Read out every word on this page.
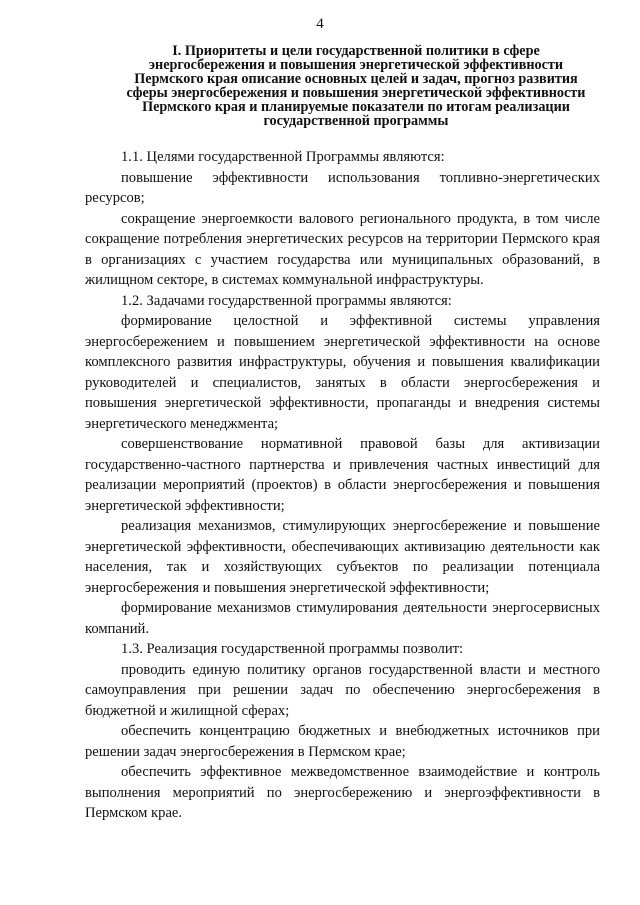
4
I. Приоритеты и цели государственной политики в сфере
энергосбережения и повышения энергетической эффективности
Пермского края описание основных целей и задач, прогноз развития
сферы энергосбережения и повышения энергетической эффективности
Пермского края и планируемые показатели по итогам реализации
государственной программы

1.1. Целями государственной Программы являются:

повышение эффективности использования топливно-энергетических ресурсов;

сокращение энергоемкости валового регионального продукта, в том числе сокращение потребления энергетических ресурсов на территории Пермского края в организациях с участием государства или муниципальных образований, в жилищном секторе, в системах коммунальной инфраструктуры.

1.2. Задачами государственной программы являются:

формирование целостной и эффективной системы управления энергосбережением и повышением энергетической эффективности на основе комплексного развития инфраструктуры, обучения и повышения квалификации руководителей и специалистов, занятых в области энергосбережения и повышения энергетической эффективности, пропаганды и внедрения системы энергетического менеджмента;

совершенствование нормативной правовой базы для активизации государственно-частного партнерства и привлечения частных инвестиций для реализации мероприятий (проектов) в области энергосбережения и повышения энергетической эффективности;

реализация механизмов, стимулирующих энергосбережение и повышение энергетической эффективности, обеспечивающих активизацию деятельности как населения, так и хозяйствующих субъектов по реализации потенциала энергосбережения и повышения энергетической эффективности;

формирование механизмов стимулирования деятельности энергосервисных компаний.

1.3. Реализация государственной программы позволит:

проводить единую политику органов государственной власти и местного самоуправления при решении задач по обеспечению энергосбережения в бюджетной и жилищной сферах;

обеспечить концентрацию бюджетных и внебюджетных источников при решении задач энергосбережения в Пермском крае;

обеспечить эффективное межведомственное взаимодействие и контроль выполнения мероприятий по энергосбережению и энергоэффективности в Пермском крае.
